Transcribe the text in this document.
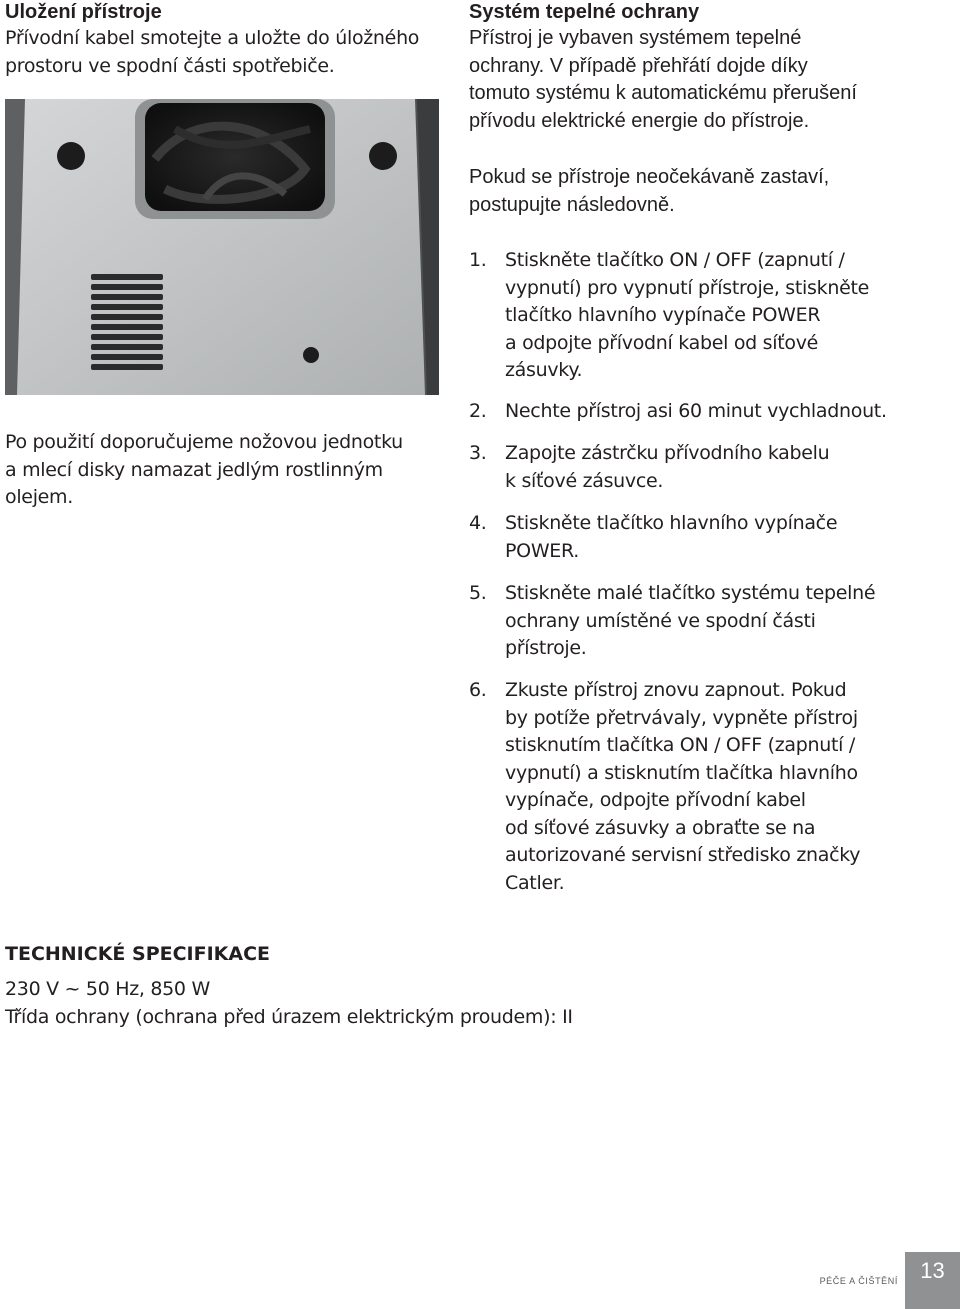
Uložení přístroje
Přívodní kabel smotejte a uložte do úložného
prostoru ve spodní části spotřebiče.
Po použití doporučujeme nožovou jednotku
a mlecí disky namazat jedlým rostlinným
olejem.
Systém tepelné ochrany
Přístroj je vybaven systémem tepelné
ochrany. V případě přehřátí dojde díky
tomuto systému k automatickému přerušení
přívodu elektrické energie do přístroje.
Pokud se přístroje neočekávaně zastaví,
postupujte následovně.
1. Stiskněte tlačítko ON / OFF (zapnutí /
vypnutí) pro vypnutí přístroje, stiskněte
tlačítko hlavního vypínače POWER
a odpojte přívodní kabel od síťové
zásuvky.
2. Nechte přístroj asi 60 minut vychladnout.
3. Zapojte zástrčku přívodního kabelu
k síťové zásuvce.
4. Stiskněte tlačítko hlavního vypínače
POWER.
5. Stiskněte malé tlačítko systému tepelné
ochrany umístěné ve spodní části
přístroje.
6. Zkuste přístroj znovu zapnout. Pokud
by potíže přetrvávaly, vypněte přístroj
stisknutím tlačítka ON / OFF (zapnutí /
vypnutí) a stisknutím tlačítka hlavního
vypínače, odpojte přívodní kabel
od síťové zásuvky a obraťte se na
autorizované servisní středisko značky
Catler.
TECHNICKÉ SPECIFIKACE
230 V ~ 50 Hz, 850 W
Třída ochrany (ochrana před úrazem elektrickým proudem): II
PÉČE A ČIŠTĚNÍ	13
